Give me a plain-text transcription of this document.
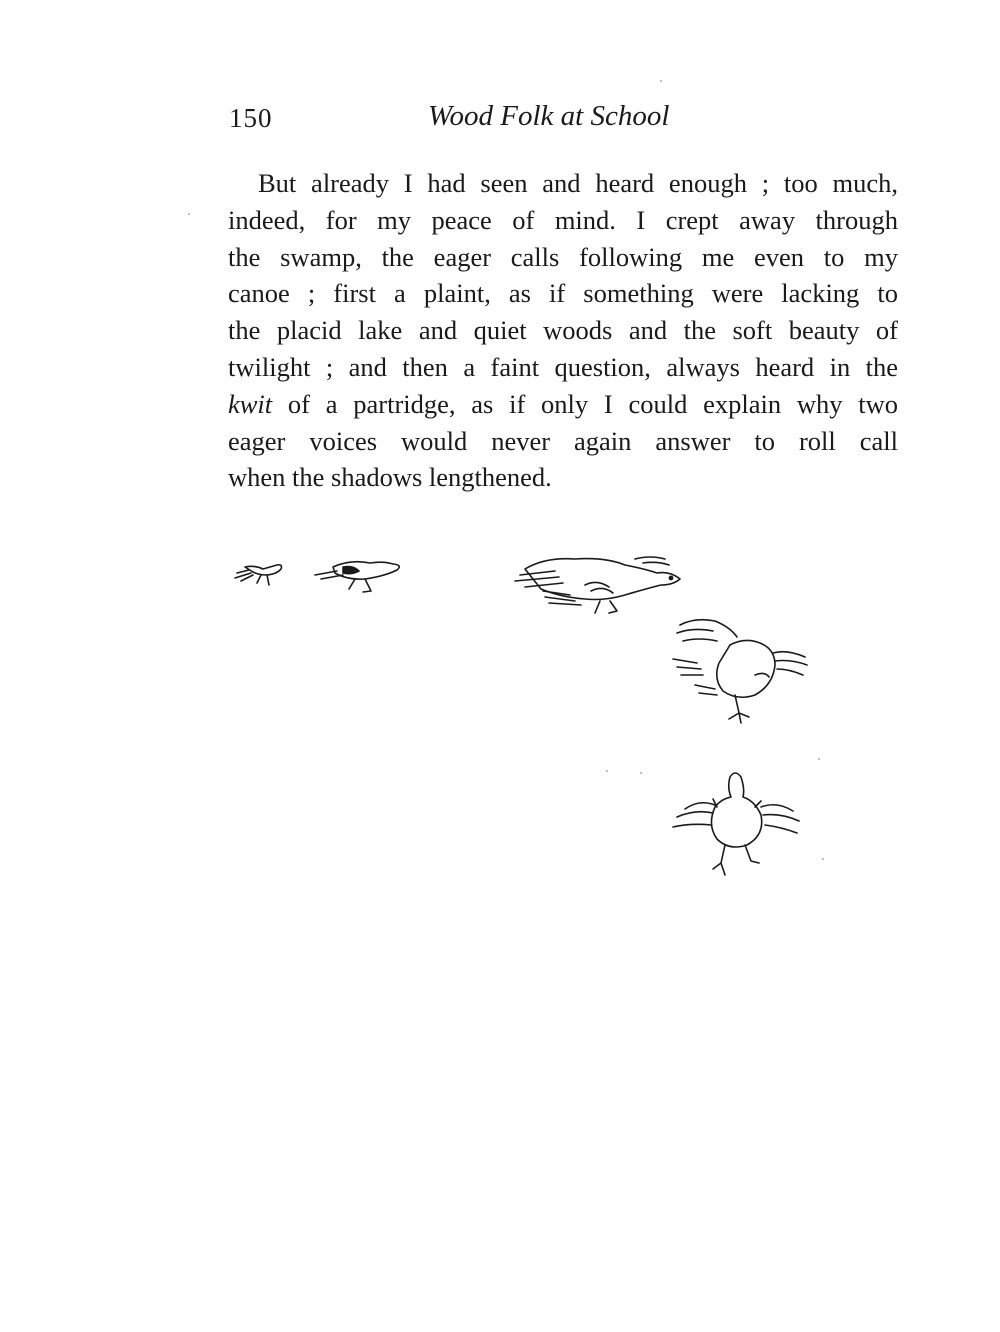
150	Wood Folk at School
But already I had seen and heard enough ; too much,
indeed, for my peace of mind. I crept away through
the swamp, the eager calls following me even to my
canoe ; first a plaint, as if something were lacking to
the placid lake and quiet woods and the soft beauty of
twilight ; and then a faint question, always heard in the
kwit of a partridge, as if only I could explain why two
eager voices would never again answer to roll call
when the shadows lengthened.
